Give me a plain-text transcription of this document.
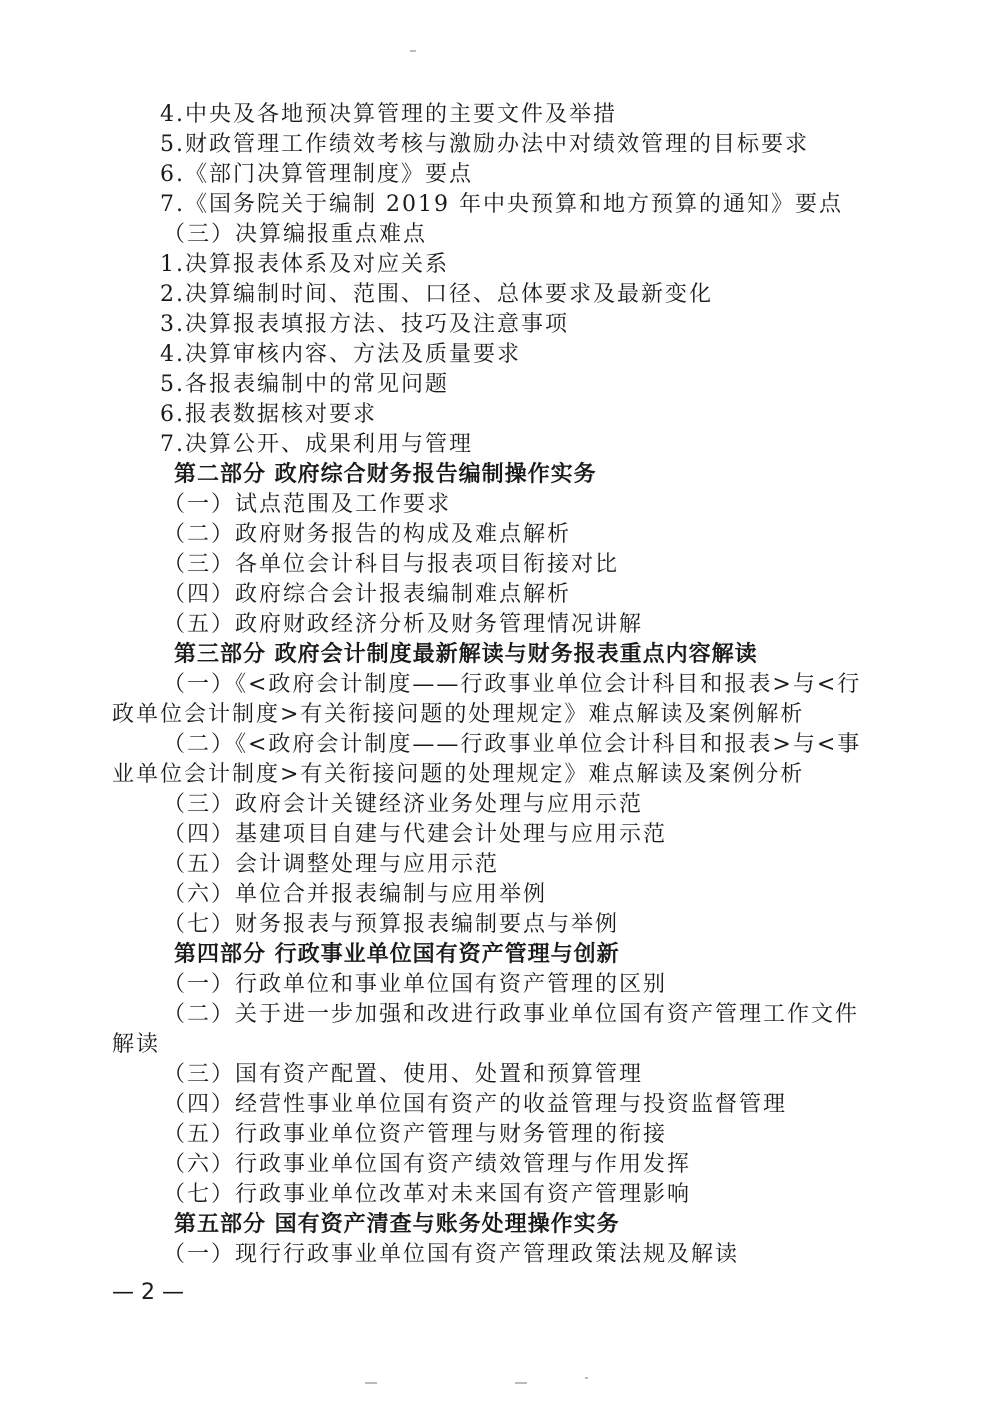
4.中央及各地预决算管理的主要文件及举措
5.财政管理工作绩效考核与激励办法中对绩效管理的目标要求
6.《部门决算管理制度》要点
7.《国务院关于编制 2019 年中央预算和地方预算的通知》要点
（三）决算编报重点难点
1.决算报表体系及对应关系
2.决算编制时间、范围、口径、总体要求及最新变化
3.决算报表填报方法、技巧及注意事项
4.决算审核内容、方法及质量要求
5.各报表编制中的常见问题
6.报表数据核对要求
7.决算公开、成果利用与管理
第二部分 政府综合财务报告编制操作实务
（一）试点范围及工作要求
（二）政府财务报告的构成及难点解析
（三）各单位会计科目与报表项目衔接对比
（四）政府综合会计报表编制难点解析
（五）政府财政经济分析及财务管理情况讲解
第三部分 政府会计制度最新解读与财务报表重点内容解读
（一）《<政府会计制度——行政事业单位会计科目和报表>与<行
政单位会计制度>有关衔接问题的处理规定》难点解读及案例解析
（二）《<政府会计制度——行政事业单位会计科目和报表>与<事
业单位会计制度>有关衔接问题的处理规定》难点解读及案例分析
（三）政府会计关键经济业务处理与应用示范
（四）基建项目自建与代建会计处理与应用示范
（五）会计调整处理与应用示范
（六）单位合并报表编制与应用举例
（七）财务报表与预算报表编制要点与举例
第四部分 行政事业单位国有资产管理与创新
（一）行政单位和事业单位国有资产管理的区别
（二）关于进一步加强和改进行政事业单位国有资产管理工作文件
解读
（三）国有资产配置、使用、处置和预算管理
（四）经营性事业单位国有资产的收益管理与投资监督管理
（五）行政事业单位资产管理与财务管理的衔接
（六）行政事业单位国有资产绩效管理与作用发挥
（七）行政事业单位改革对未来国有资产管理影响
第五部分 国有资产清查与账务处理操作实务
（一）现行行政事业单位国有资产管理政策法规及解读
— 2 —
